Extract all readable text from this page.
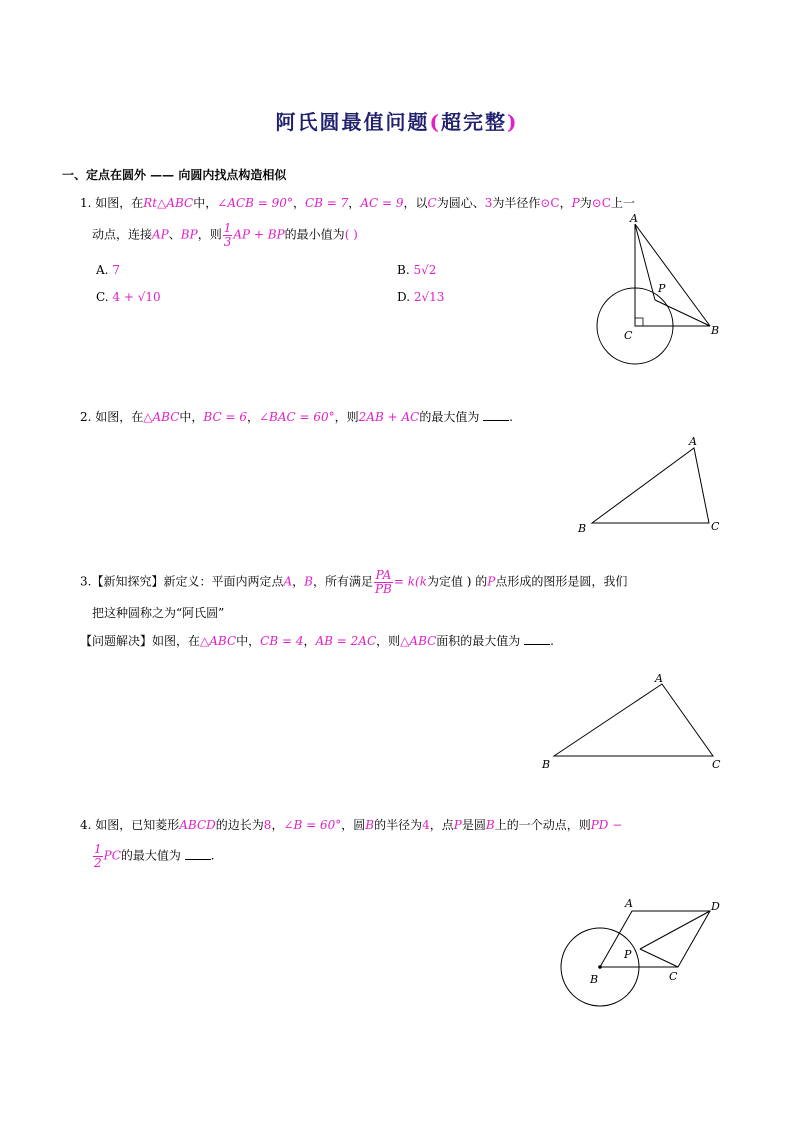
阿氏圆最值问题(超完整)
一、定点在圆外 —— 向圆内找点构造相似
1. 如图，在Rt△ABC中，∠ACB = 90°，CB = 7，AC = 9，以C为圆心、3为半径作⊙C，P为⊙C上一
动点，连接AP、BP，则 $\frac{1}{3}$ AP + BP的最小值为( )
A. 7	B. 5√2
C. 4 + √10	D. 2√13
A
P
C	B
2. 如图，在△ABC中，BC = 6，∠BAC = 60°，则2AB + AC的最大值为 .
A
B	C
3.【新知探究】新定义：平面内两定点A，B，所有满足 $\frac{PA}{PB} = k(k$为定值 ) 的P点形成的图形是圆，我们
把这种圆称之为“阿氏圆”
【问题解决】如图，在△ABC中，CB = 4，AB = 2AC，则△ABC面积的最大值为 .
A
B	C
4. 如图，已知菱形ABCD的边长为8，∠B = 60°，圆B的半径为4，点P是圆B上的一个动点，则PD −
$\frac{1}{2}$ PC的最大值为 .
A	D
P
B	C
